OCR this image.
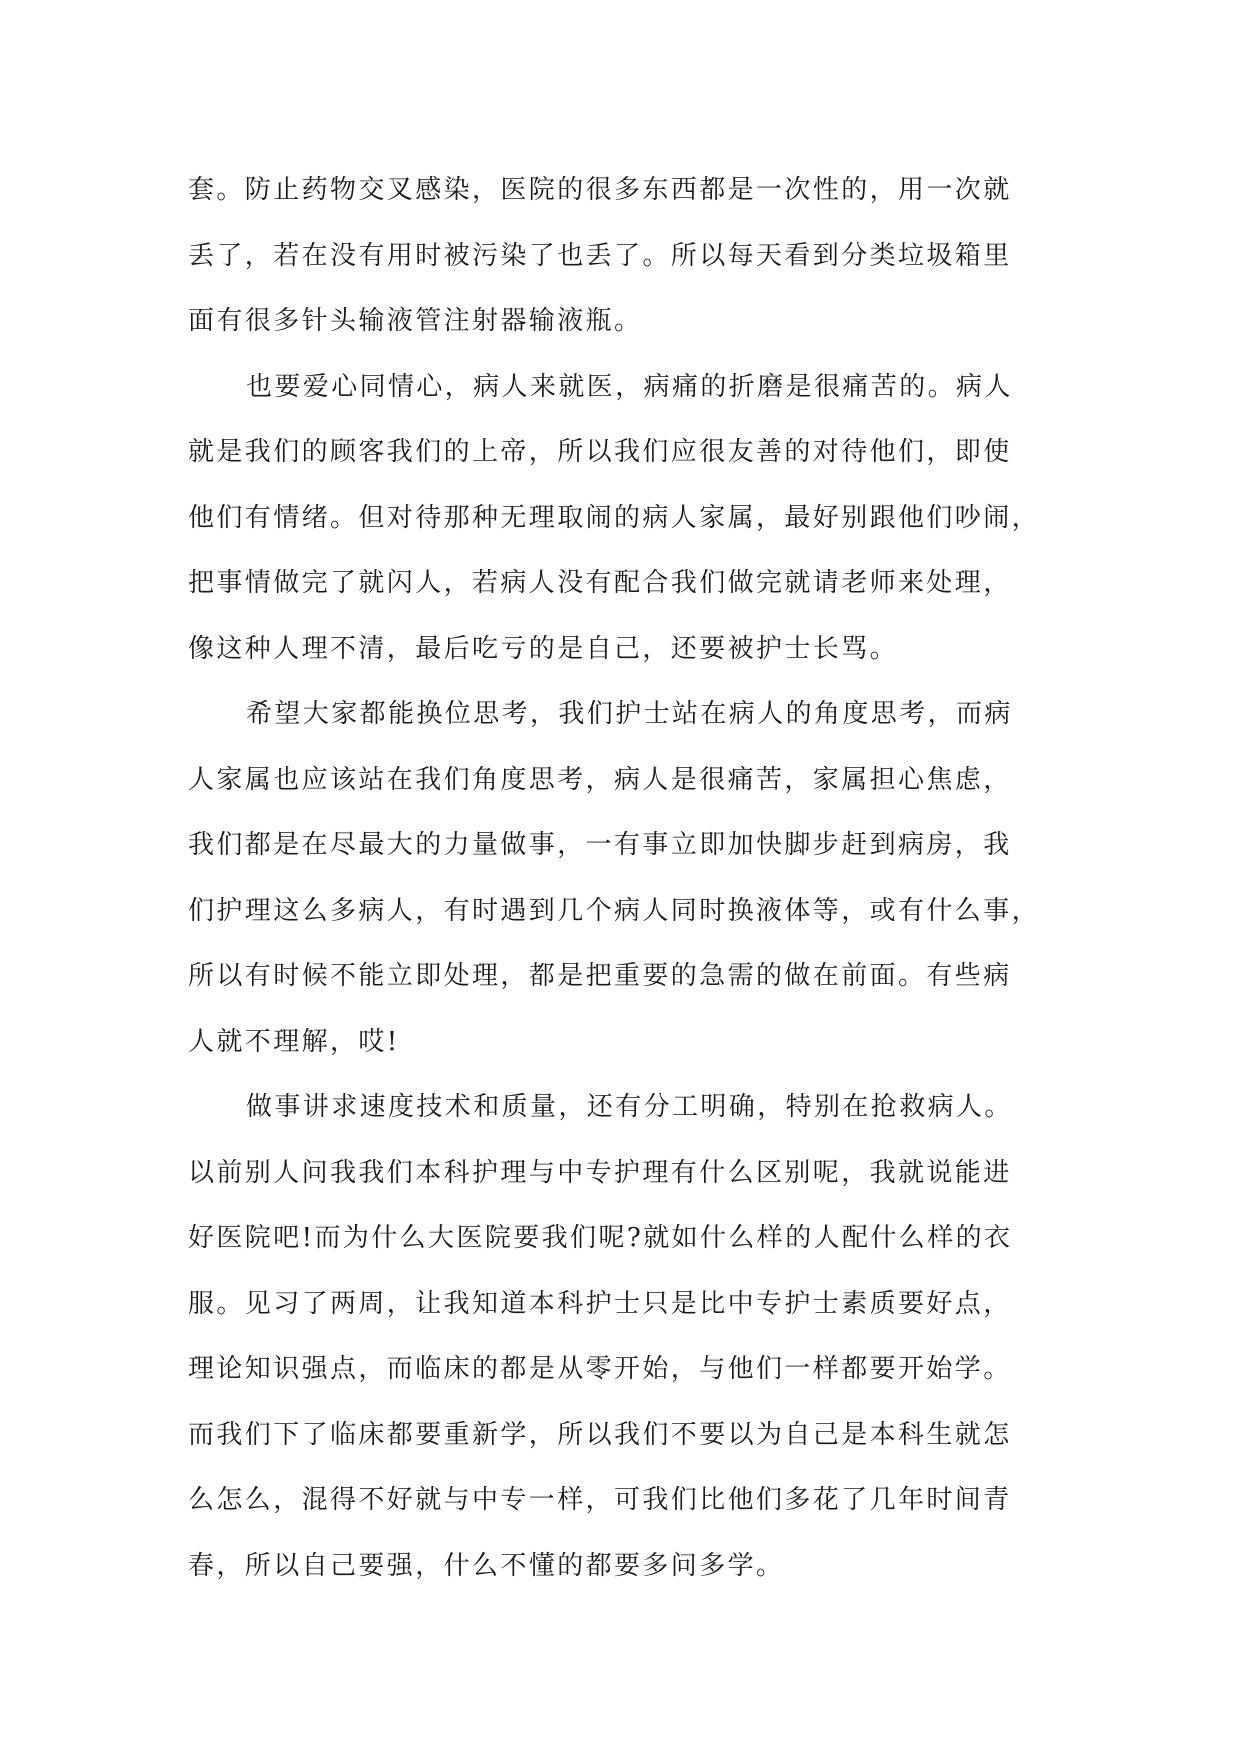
套。防止药物交叉感染，医院的很多东西都是一次性的，用一次就
丢了，若在没有用时被污染了也丢了。所以每天看到分类垃圾箱里
面有很多针头输液管注射器输液瓶。
也要爱心同情心，病人来就医，病痛的折磨是很痛苦的。病人
就是我们的顾客我们的上帝，所以我们应很友善的对待他们，即使
他们有情绪。但对待那种无理取闹的病人家属，最好别跟他们吵闹，
把事情做完了就闪人，若病人没有配合我们做完就请老师来处理，
像这种人理不清，最后吃亏的是自己，还要被护士长骂。
希望大家都能换位思考，我们护士站在病人的角度思考，而病
人家属也应该站在我们角度思考，病人是很痛苦，家属担心焦虑，
我们都是在尽最大的力量做事，一有事立即加快脚步赶到病房，我
们护理这么多病人，有时遇到几个病人同时换液体等，或有什么事，
所以有时候不能立即处理，都是把重要的急需的做在前面。有些病
人就不理解，哎!
做事讲求速度技术和质量，还有分工明确，特别在抢救病人。
以前别人问我我们本科护理与中专护理有什么区别呢，我就说能进
好医院吧!而为什么大医院要我们呢?就如什么样的人配什么样的衣
服。见习了两周，让我知道本科护士只是比中专护士素质要好点，
理论知识强点，而临床的都是从零开始，与他们一样都要开始学。
而我们下了临床都要重新学，所以我们不要以为自己是本科生就怎
么怎么，混得不好就与中专一样，可我们比他们多花了几年时间青
春，所以自己要强，什么不懂的都要多问多学。
